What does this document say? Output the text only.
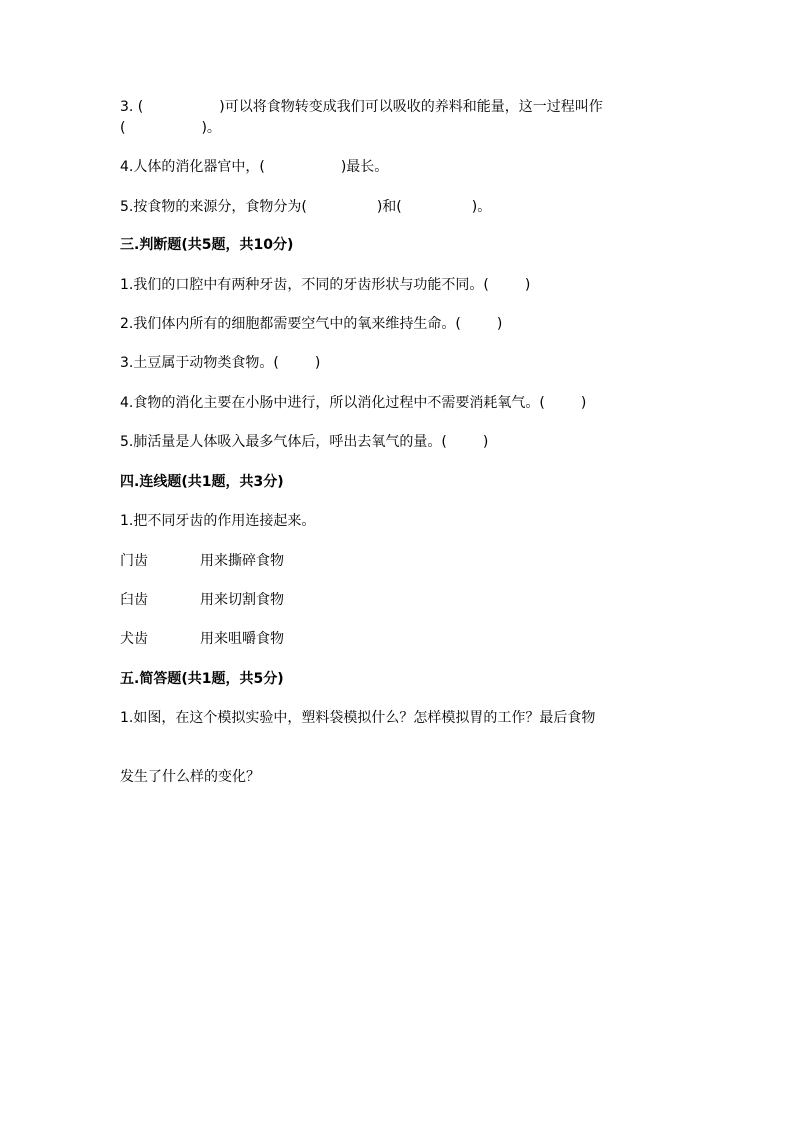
3. (	)可以将食物转变成我们可以吸收的养料和能量，这一过程叫作
(	)。
4.人体的消化器官中，(	)最长。
5.按食物的来源分，食物分为(	)和(	)。
三.判断题(共5题，共10分)
1.我们的口腔中有两种牙齿，不同的牙齿形状与功能不同。(	)
2.我们体内所有的细胞都需要空气中的氧来维持生命。(	)
3.土豆属于动物类食物。(	)
4.食物的消化主要在小肠中进行，所以消化过程中不需要消耗氧气。(	)
5.肺活量是人体吸入最多气体后，呼出去氧气的量。(	)
四.连线题(共1题，共3分)
1.把不同牙齿的作用连接起来。
门齿	用来撕碎食物
臼齿	用来切割食物
犬齿	用来咀嚼食物
五.简答题(共1题，共5分)
1.如图，在这个模拟实验中，塑料袋模拟什么？怎样模拟胃的工作？最后食物
发生了什么样的变化？
